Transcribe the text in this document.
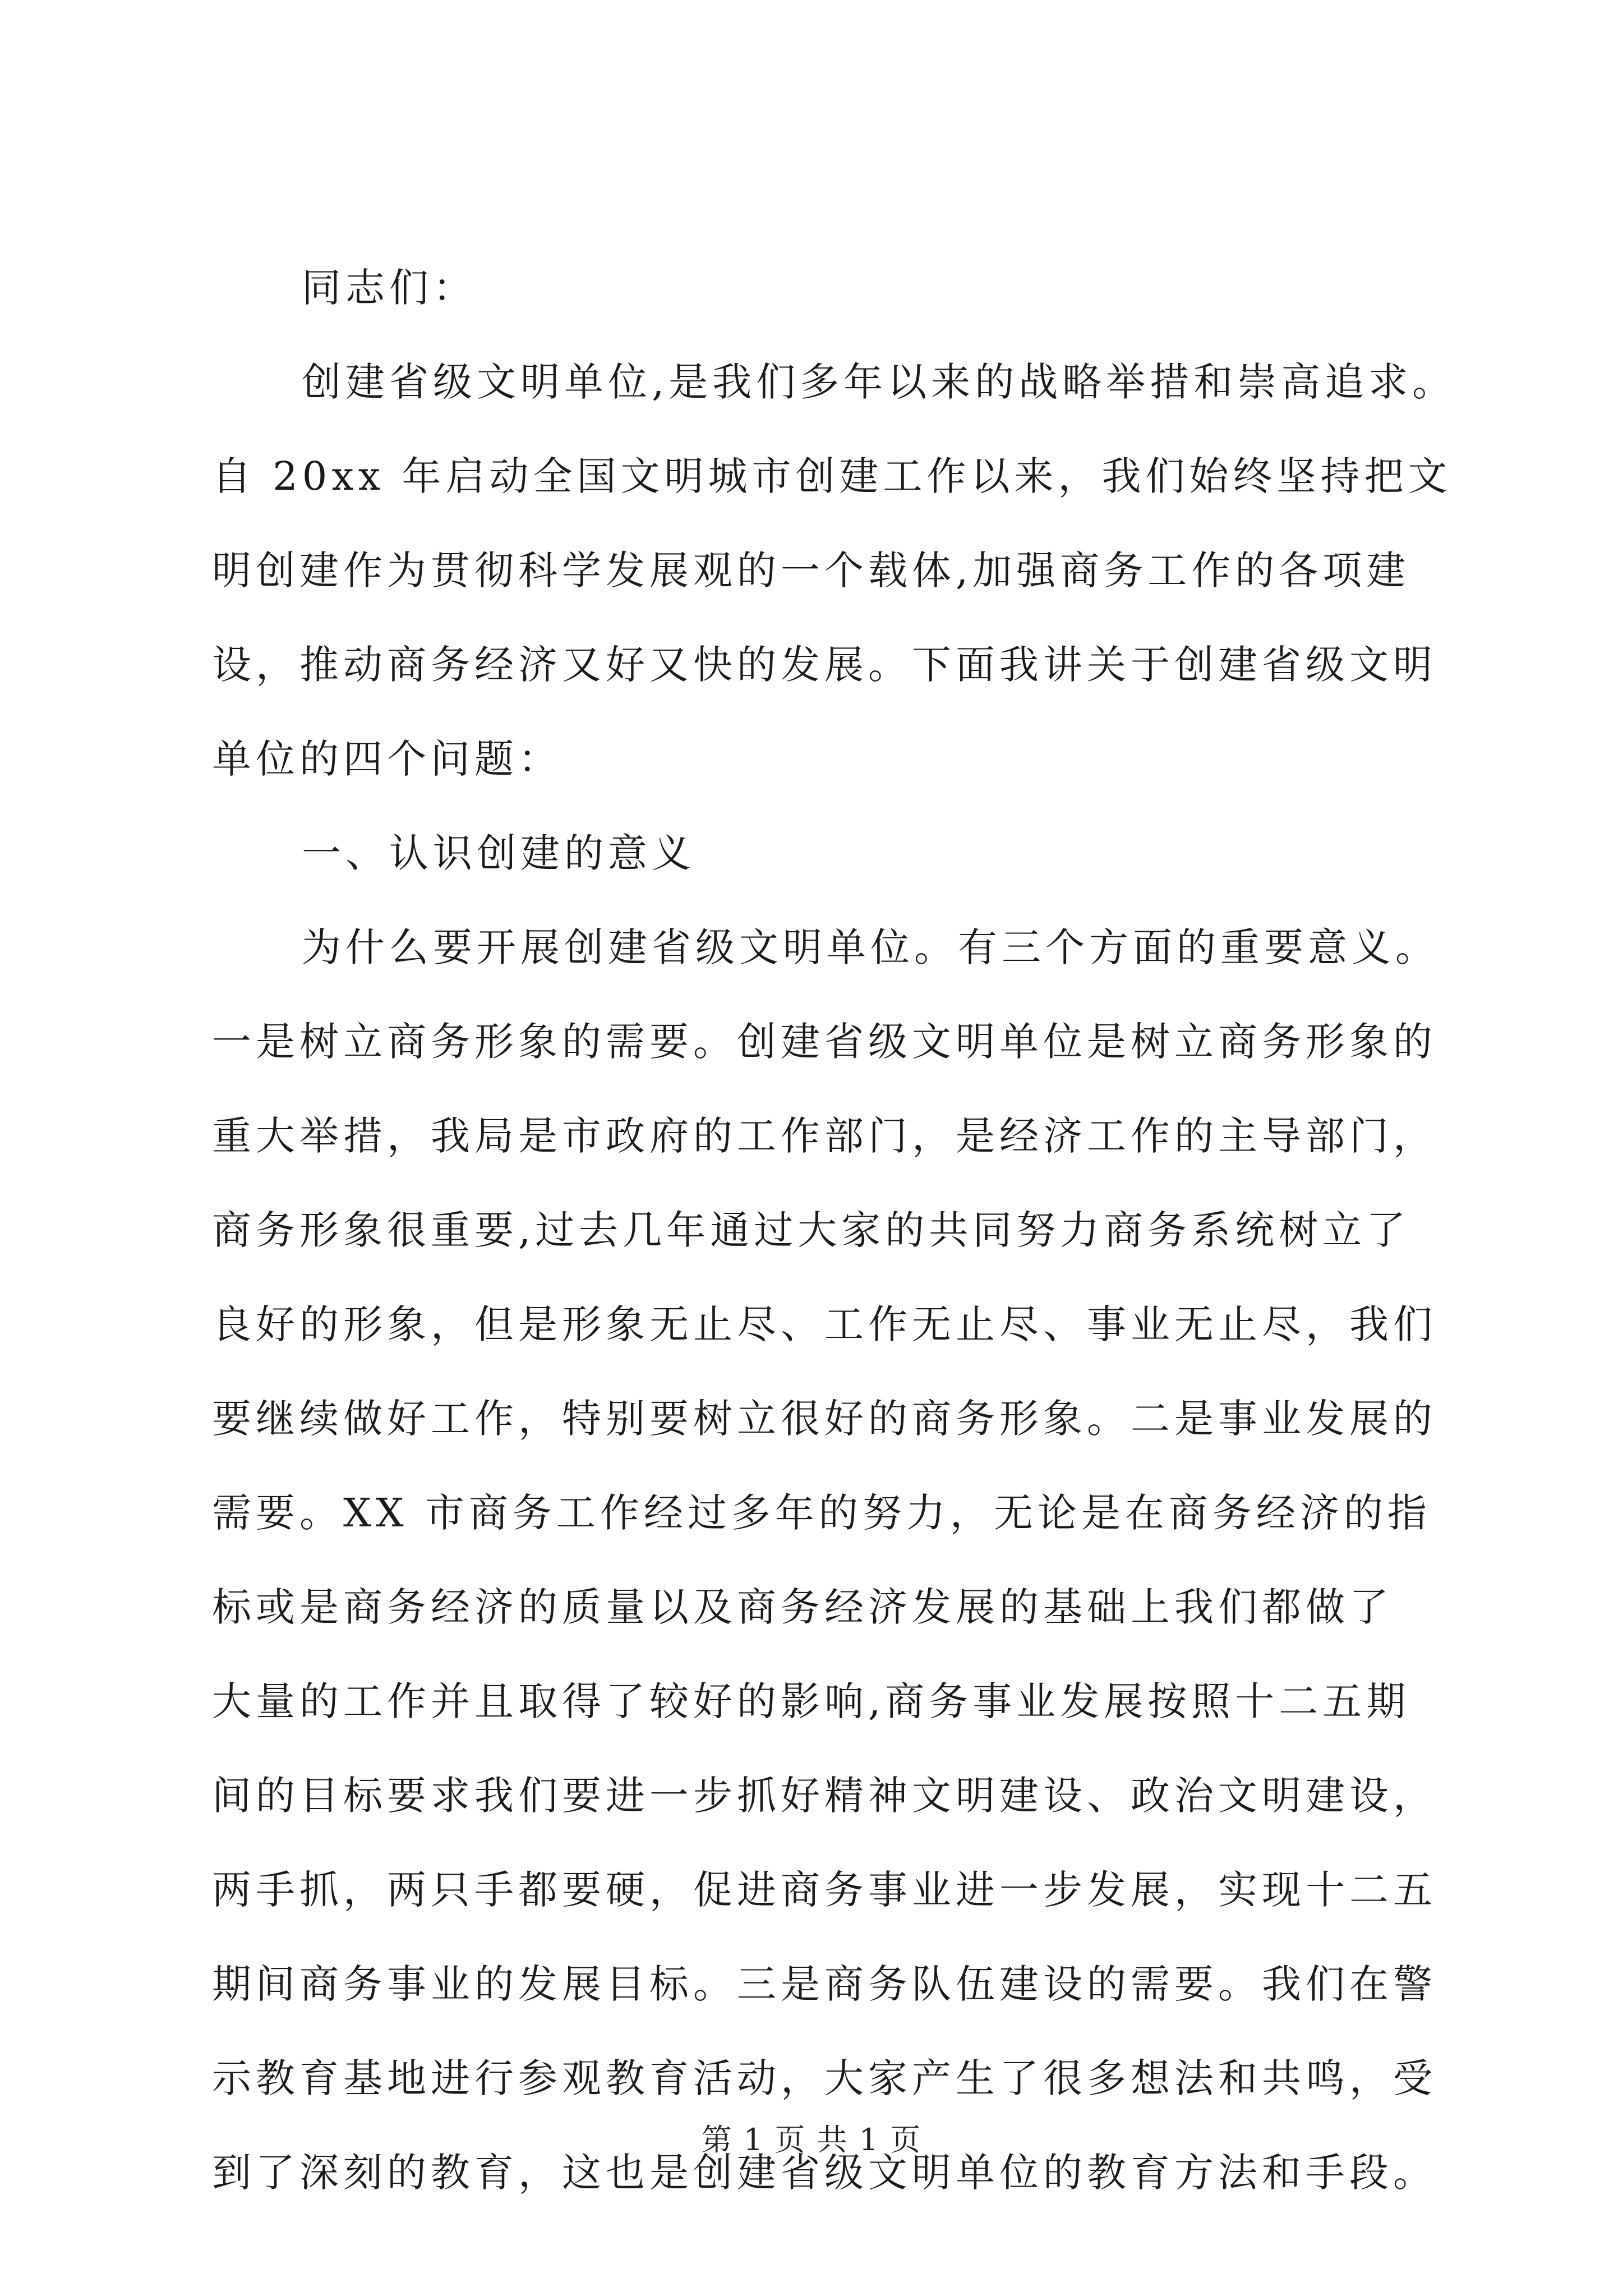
同志们：
创建省级文明单位,是我们多年以来的战略举措和崇高追求。
自 20xx 年启动全国文明城市创建工作以来，我们始终坚持把文
明创建作为贯彻科学发展观的一个载体,加强商务工作的各项建
设，推动商务经济又好又快的发展。下面我讲关于创建省级文明
单位的四个问题：
一、认识创建的意义
为什么要开展创建省级文明单位。有三个方面的重要意义。
一是树立商务形象的需要。创建省级文明单位是树立商务形象的
重大举措，我局是市政府的工作部门，是经济工作的主导部门，
商务形象很重要,过去几年通过大家的共同努力商务系统树立了
良好的形象，但是形象无止尽、工作无止尽、事业无止尽，我们
要继续做好工作，特别要树立很好的商务形象。二是事业发展的
需要。XX 市商务工作经过多年的努力，无论是在商务经济的指
标或是商务经济的质量以及商务经济发展的基础上我们都做了
大量的工作并且取得了较好的影响,商务事业发展按照十二五期
间的目标要求我们要进一步抓好精神文明建设、政治文明建设，
两手抓，两只手都要硬，促进商务事业进一步发展，实现十二五
期间商务事业的发展目标。三是商务队伍建设的需要。我们在警
示教育基地进行参观教育活动，大家产生了很多想法和共鸣，受
到了深刻的教育，这也是创建省级文明单位的教育方法和手段。
第 1 页 共 1 页
